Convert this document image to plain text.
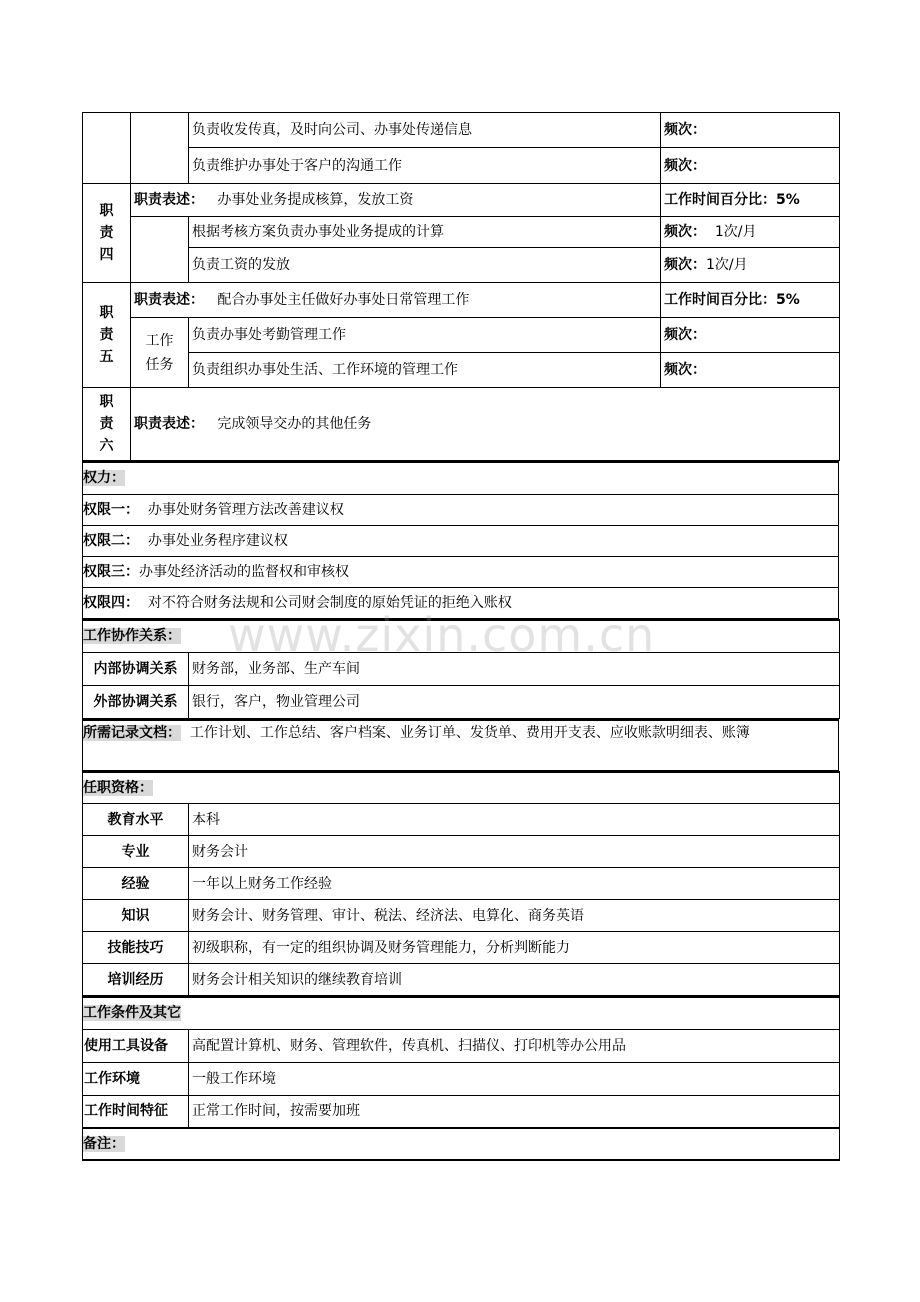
		负责收发传真，及时向公司、办事处传递信息	频次：
		负责维护办事处于客户的沟通工作	频次：
职
责
四	职责表述： 办事处业务提成核算，发放工资		工作时间百分比：5%
		根据考核方案负责办事处业务提成的计算	频次：  1次/月
		负责工资的发放	频次：1次/月
职
责
五	职责表述： 配合办事处主任做好办事处日常管理工作		工作时间百分比：5%
	工作
任务	负责办事处考勤管理工作	频次：
		负责组织办事处生活、工作环境的管理工作	频次：
职
责
六	职责表述： 完成领导交办的其他任务		
权力：
权限一：  办事处财务管理方法改善建议权
权限二：  办事处业务程序建议权
权限三：办事处经济活动的监督权和审核权
权限四：  对不符合财务法规和公司财会制度的原始凭证的拒绝入账权
工作协作关系：	
内部协调关系	财务部，业务部、生产车间
外部协调关系	银行，客户，物业管理公司
所需记录文档：  工作计划、工作总结、客户档案、业务订单、发货单、费用开支表、应收账款明细表、账簿
任职资格：	
教育水平	本科
专业	财务会计
经验	一年以上财务工作经验
知识	财务会计、财务管理、审计、税法、经济法、电算化、商务英语
技能技巧	初级职称，有一定的组织协调及财务管理能力，分析判断能力
培训经历	财务会计相关知识的继续教育培训
工作条件及其它	
使用工具设备	高配置计算机、财务、管理软件，传真机、扫描仪、打印机等办公用品
工作环境	一般工作环境
工作时间特征	正常工作时间，按需要加班
备注：	
www.zixin.com.cn
